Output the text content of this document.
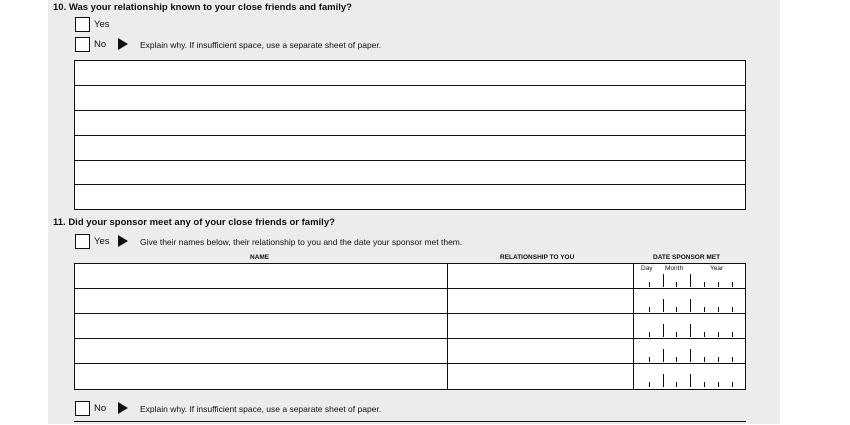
10. Was your relationship known to your close friends and family?
Yes
No	Explain why. If insufficient space, use a separate sheet of paper.
11. Did your sponsor meet any of your close friends or family?
Yes	Give their names below, their relationship to you and the date your sponsor met them.
NAME	RELATIONSHIP TO YOU	DATE SPONSOR MET
Day Month	Year
No	Explain why. If insufficient space, use a separate sheet of paper.
